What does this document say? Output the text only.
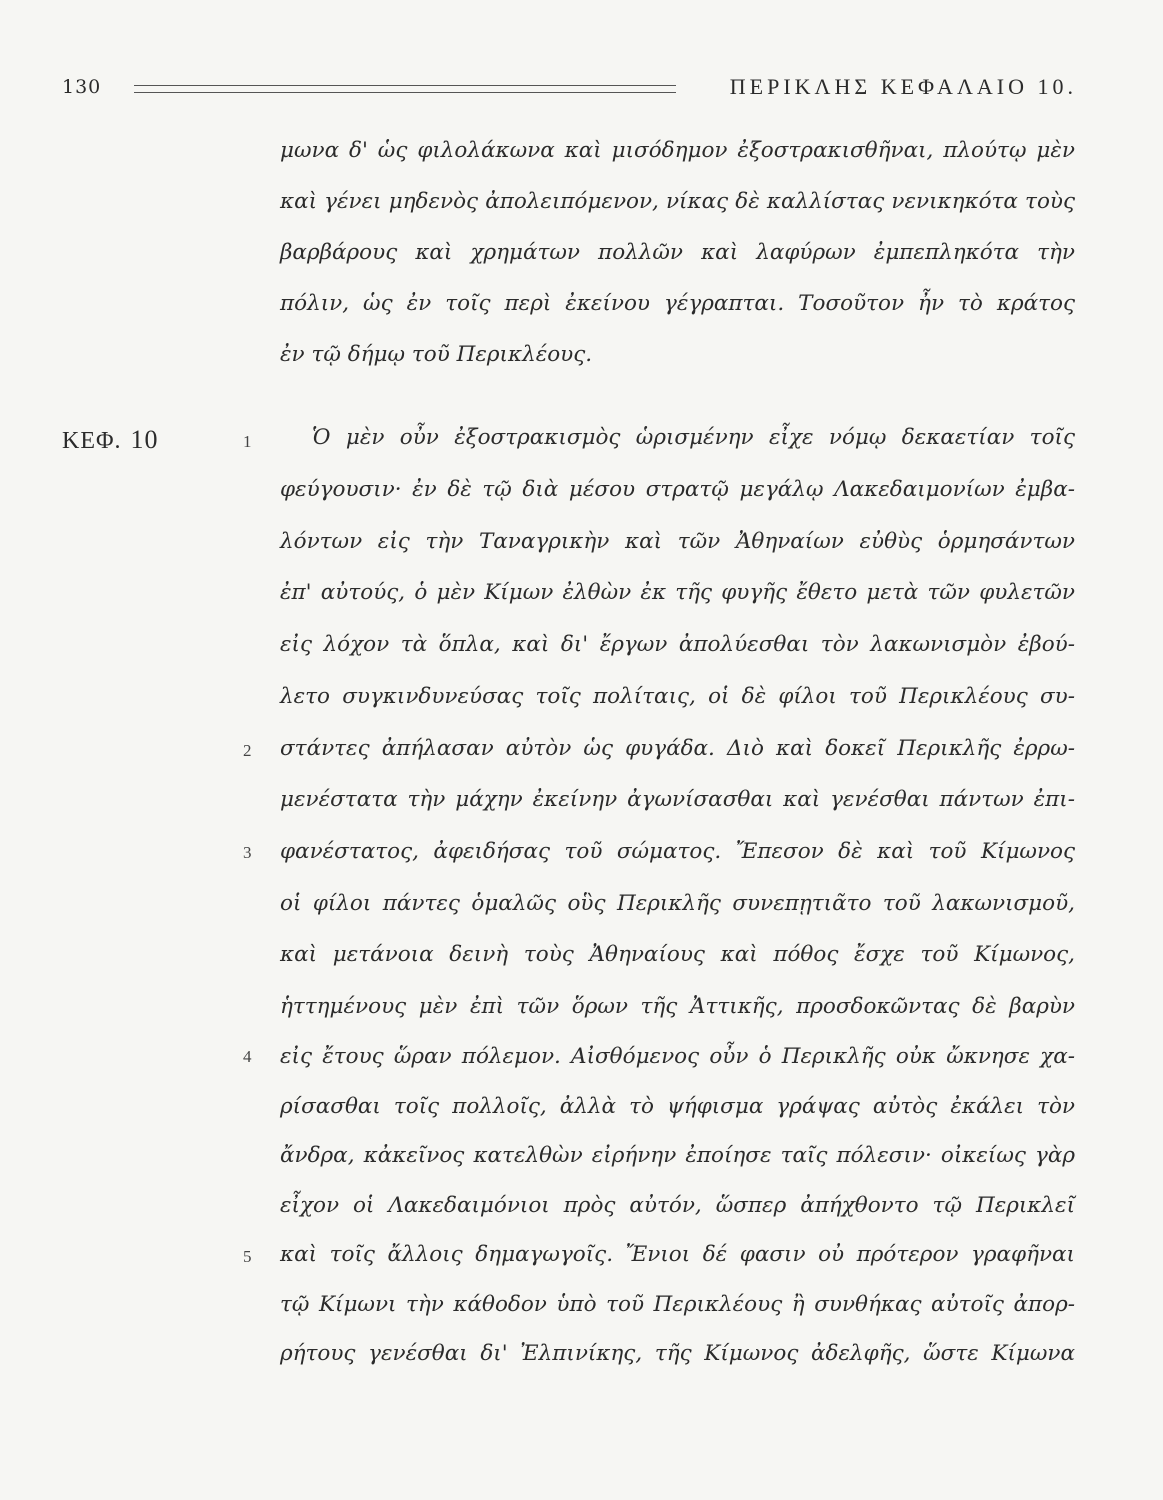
130	ΠΕΡΙΚΛΗΣ ΚΕΦΑΛΑΙΟ 10.
ΚΕΦ. 10	1
2
3
4
5
μωνα δ' ὡς φιλολάκωνα καὶ μισόδημον ἐξοστρακισθῆναι, πλούτῳ μὲν
καὶ γένει μηδενὸς ἀπολειπόμενον, νίκας δὲ καλλίστας νενικηκότα τοὺς
βαρβάρους καὶ χρημάτων πολλῶν καὶ λαφύρων ἐμπεπληκότα τὴν
πόλιν, ὡς ἐν τοῖς περὶ ἐκείνου γέγραπται. Τοσοῦτον ἦν τὸ κράτος
ἐν τῷ δήμῳ τοῦ Περικλέους.
Ὁ μὲν οὖν ἐξοστρακισμὸς ὡρισμένην εἶχε νόμῳ δεκαετίαν τοῖς
φεύγουσιν· ἐν δὲ τῷ διὰ μέσου στρατῷ μεγάλῳ Λακεδαιμονίων ἐμβα-
λόντων εἰς τὴν Ταναγρικὴν καὶ τῶν Ἀθηναίων εὐθὺς ὁρμησάντων
ἐπ' αὐτούς, ὁ μὲν Κίμων ἐλθὼν ἐκ τῆς φυγῆς ἔθετο μετὰ τῶν φυλετῶν
εἰς λόχον τὰ ὅπλα, καὶ δι' ἔργων ἀπολύεσθαι τὸν λακωνισμὸν ἐβού-
λετο συγκινδυνεύσας τοῖς πολίταις, οἱ δὲ φίλοι τοῦ Περικλέους συ-
στάντες ἀπήλασαν αὐτὸν ὡς φυγάδα. Διὸ καὶ δοκεῖ Περικλῆς ἐρρω-
μενέστατα τὴν μάχην ἐκείνην ἀγωνίσασθαι καὶ γενέσθαι πάντων ἐπι-
φανέστατος, ἀφειδήσας τοῦ σώματος. Ἔπεσον δὲ καὶ τοῦ Κίμωνος
οἱ φίλοι πάντες ὁμαλῶς οὓς Περικλῆς συνεπῃτιᾶτο τοῦ λακωνισμοῦ,
καὶ μετάνοια δεινὴ τοὺς Ἀθηναίους καὶ πόθος ἔσχε τοῦ Κίμωνος,
ἡττημένους μὲν ἐπὶ τῶν ὅρων τῆς Ἀττικῆς, προσδοκῶντας δὲ βαρὺν
εἰς ἔτους ὥραν πόλεμον. Αἰσθόμενος οὖν ὁ Περικλῆς οὐκ ὤκνησε χα-
ρίσασθαι τοῖς πολλοῖς, ἀλλὰ τὸ ψήφισμα γράψας αὐτὸς ἐκάλει τὸν
ἄνδρα, κἀκεῖνος κατελθὼν εἰρήνην ἐποίησε ταῖς πόλεσιν· οἰκείως γὰρ
εἶχον οἱ Λακεδαιμόνιοι πρὸς αὐτόν, ὥσπερ ἀπήχθοντο τῷ Περικλεῖ
καὶ τοῖς ἄλλοις δημαγωγοῖς. Ἔνιοι δέ φασιν οὐ πρότερον γραφῆναι
τῷ Κίμωνι τὴν κάθοδον ὑπὸ τοῦ Περικλέους ἢ συνθήκας αὐτοῖς ἀπορ-
ρήτους γενέσθαι δι' Ἐλπινίκης, τῆς Κίμωνος ἀδελφῆς, ὥστε Κίμωνα
